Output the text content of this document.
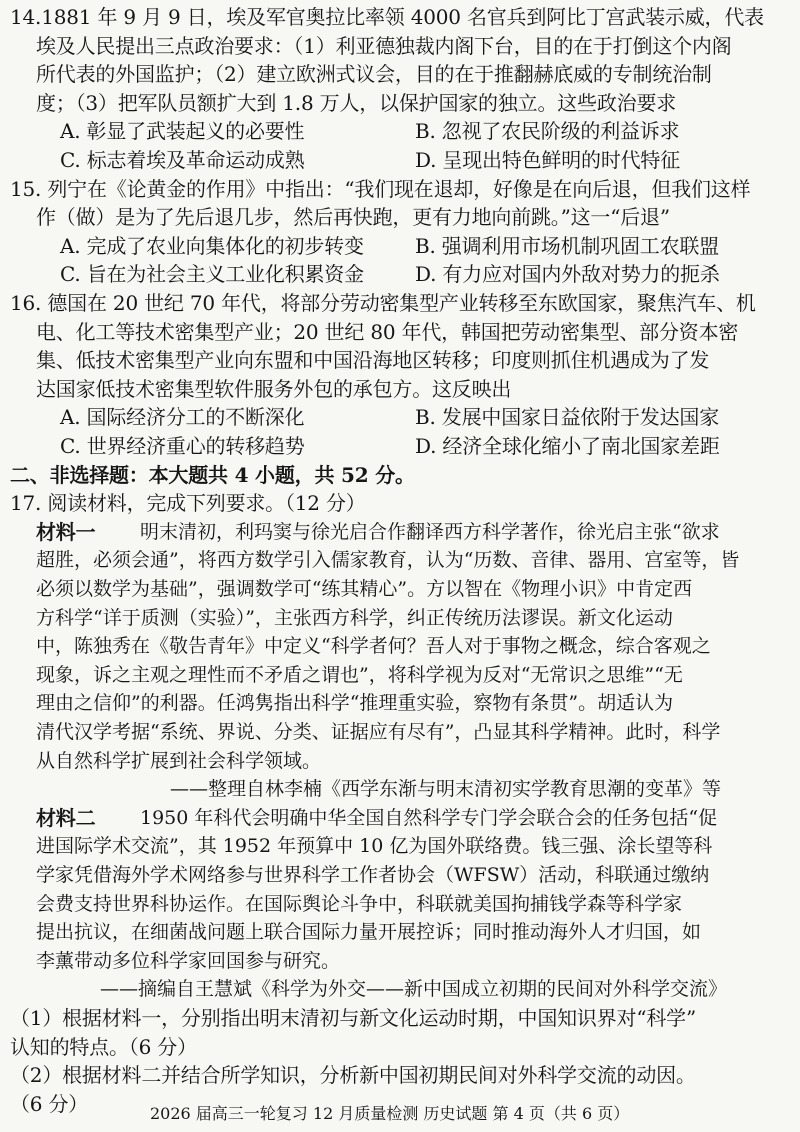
14.1881 年 9 月 9 日，埃及军官奥拉比率领 4000 名官兵到阿比丁宫武装示威，代表
埃及人民提出三点政治要求：（1）利亚德独裁内阁下台，目的在于打倒这个内阁
所代表的外国监护；（2）建立欧洲式议会，目的在于推翻赫底威的专制统治制
度；（3）把军队员额扩大到 1.8 万人，以保护国家的独立。这些政治要求
A. 彰显了武装起义的必要性	B. 忽视了农民阶级的利益诉求
C. 标志着埃及革命运动成熟	D. 呈现出特色鲜明的时代特征
15. 列宁在《论黄金的作用》中指出：“我们现在退却，好像是在向后退，但我们这样
作（做）是为了先后退几步，然后再快跑，更有力地向前跳。”这一“后退”
A. 完成了农业向集体化的初步转变	B. 强调利用市场机制巩固工农联盟
C. 旨在为社会主义工业化积累资金	D. 有力应对国内外敌对势力的扼杀
16. 德国在 20 世纪 70 年代，将部分劳动密集型产业转移至东欧国家，聚焦汽车、机
电、化工等技术密集型产业；20 世纪 80 年代，韩国把劳动密集型、部分资本密
集、低技术密集型产业向东盟和中国沿海地区转移；印度则抓住机遇成为了发
达国家低技术密集型软件服务外包的承包方。这反映出
A. 国际经济分工的不断深化	B. 发展中国家日益依附于发达国家
C. 世界经济重心的转移趋势	D. 经济全球化缩小了南北国家差距
二、非选择题：本大题共 4 小题，共 52 分。
17. 阅读材料，完成下列要求。（12 分）
材料一 明末清初，利玛窦与徐光启合作翻译西方科学著作，徐光启主张“欲求
超胜，必须会通”，将西方数学引入儒家教育，认为“历数、音律、器用、宫室等，皆
必须以数学为基础”，强调数学可“练其精心”。方以智在《物理小识》中肯定西
方科学“详于质测（实验）”，主张西方科学，纠正传统历法谬误。新文化运动
中，陈独秀在《敬告青年》中定义“科学者何？吾人对于事物之概念，综合客观之
现象，诉之主观之理性而不矛盾之谓也”，将科学视为反对“无常识之思维”“无
理由之信仰”的利器。任鸿隽指出科学“推理重实验，察物有条贯”。胡适认为
清代汉学考据“系统、界说、分类、证据应有尽有”，凸显其科学精神。此时，科学
从自然科学扩展到社会科学领域。
——整理自林李楠《西学东渐与明末清初实学教育思潮的变革》等
材料二 1950 年科代会明确中华全国自然科学专门学会联合会的任务包括“促
进国际学术交流”，其 1952 年预算中 10 亿为国外联络费。钱三强、涂长望等科
学家凭借海外学术网络参与世界科学工作者协会（WFSW）活动，科联通过缴纳
会费支持世界科协运作。在国际舆论斗争中，科联就美国拘捕钱学森等科学家
提出抗议，在细菌战问题上联合国际力量开展控诉；同时推动海外人才归国，如
李薰带动多位科学家回国参与研究。
——摘编自王慧斌《科学为外交——新中国成立初期的民间对外科学交流》
（1）根据材料一，分别指出明末清初与新文化运动时期，中国知识界对“科学”
认知的特点。（6 分）
（2）根据材料二并结合所学知识，分析新中国初期民间对外科学交流的动因。
（6 分）	2026 届高三一轮复习 12 月质量检测 历史试题 第 4 页（共 6 页）
